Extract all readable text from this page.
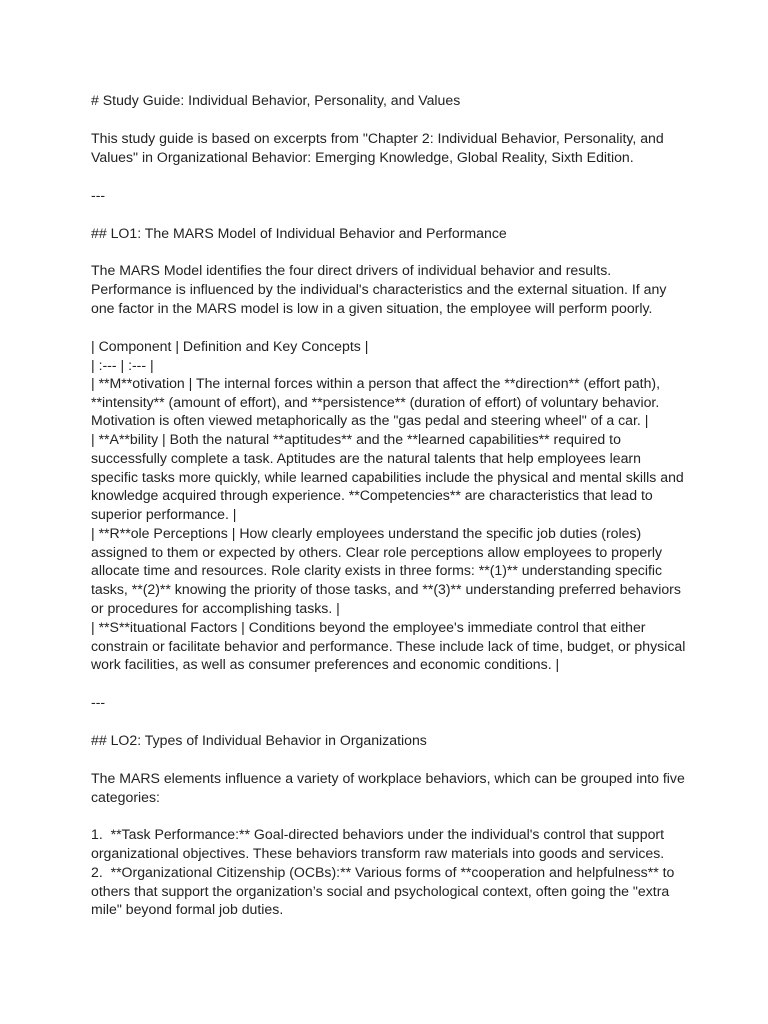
# Study Guide: Individual Behavior, Personality, and Values
This study guide is based on excerpts from "Chapter 2: Individual Behavior, Personality, and
Values" in Organizational Behavior: Emerging Knowledge, Global Reality, Sixth Edition.
---
## LO1: The MARS Model of Individual Behavior and Performance
The MARS Model identifies the four direct drivers of individual behavior and results.
Performance is influenced by the individual's characteristics and the external situation. If any
one factor in the MARS model is low in a given situation, the employee will perform poorly.
| Component | Definition and Key Concepts |
| :--- | :--- |
| **M**otivation | The internal forces within a person that affect the **direction** (effort path),
**intensity** (amount of effort), and **persistence** (duration of effort) of voluntary behavior.
Motivation is often viewed metaphorically as the "gas pedal and steering wheel" of a car. |
| **A**bility | Both the natural **aptitudes** and the **learned capabilities** required to
successfully complete a task. Aptitudes are the natural talents that help employees learn
specific tasks more quickly, while learned capabilities include the physical and mental skills and
knowledge acquired through experience. **Competencies** are characteristics that lead to
superior performance. |
| **R**ole Perceptions | How clearly employees understand the specific job duties (roles)
assigned to them or expected by others. Clear role perceptions allow employees to properly
allocate time and resources. Role clarity exists in three forms: **(1)** understanding specific
tasks, **(2)** knowing the priority of those tasks, and **(3)** understanding preferred behaviors
or procedures for accomplishing tasks. |
| **S**ituational Factors | Conditions beyond the employee's immediate control that either
constrain or facilitate behavior and performance. These include lack of time, budget, or physical
work facilities, as well as consumer preferences and economic conditions. |
---
## LO2: Types of Individual Behavior in Organizations
The MARS elements influence a variety of workplace behaviors, which can be grouped into five
categories:
1.  **Task Performance:** Goal-directed behaviors under the individual's control that support
organizational objectives. These behaviors transform raw materials into goods and services.
2.  **Organizational Citizenship (OCBs):** Various forms of **cooperation and helpfulness** to
others that support the organization’s social and psychological context, often going the "extra
mile" beyond formal job duties.
